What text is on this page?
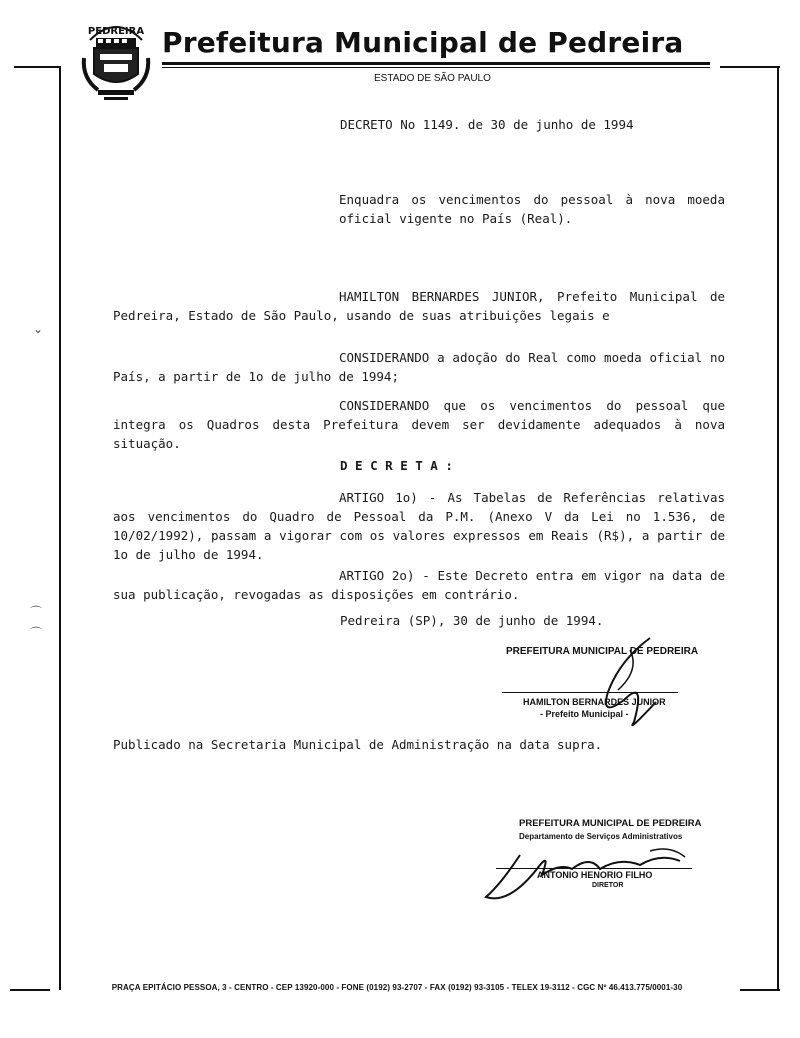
PEDREIRA Prefeitura Municipal de Pedreira
ESTADO DE SÃO PAULO
DECRETO No 1149. de 30 de junho de 1994
Enquadra os vencimentos do pessoal à nova moeda oficial vigente no País (Real).
HAMILTON BERNARDES JUNIOR, Prefeito Municipal de Pedreira, Estado de São Paulo, usando de suas atribuições legais e
CONSIDERANDO a adoção do Real como moeda oficial no País, a partir de 1o de julho de 1994;
CONSIDERANDO que os vencimentos do pessoal que integra os Quadros desta Prefeitura devem ser devidamente adequados à nova situação.
D E C R E T A :
ARTIGO 1o) - As Tabelas de Referências relativas aos vencimentos do Quadro de Pessoal da P.M. (Anexo V da Lei no 1.536, de 10/02/1992), passam a vigorar com os valores expressos em Reais (R$), a partir de 1o de julho de 1994.
ARTIGO 2o) - Este Decreto entra em vigor na data de sua publicação, revogadas as disposições em contrário.
Pedreira (SP), 30 de junho de 1994.
PREFEITURA MUNICIPAL DE PEDREIRA
HAMILTON BERNARDES JUNIOR
- Prefeito Municipal -
Publicado na Secretaria Municipal de Administração na data supra.
PREFEITURA MUNICIPAL DE PEDREIRA
Departamento de Serviços Administrativos
ANTONIO HENORIO FILHO
DIRETOR
PRAÇA EPITÁCIO PESSOA, 3 - CENTRO - CEP 13920-000 - FONE (0192) 93-2707 - FAX (0192) 93-3105 - TELEX 19-3112 - CGC Nº 46.413.775/0001-30
⌄
⌒
⌒
